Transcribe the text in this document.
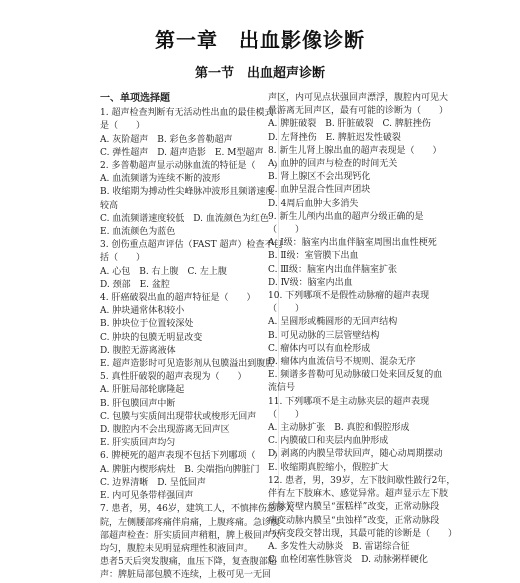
第一章　出血影像诊断
第一节　出血超声诊断
一、单项选择题

1. 超声检查判断有无活动性出血的最佳模式

是（　　）

A. 灰阶超声　B. 彩色多普勒超声

C. 弹性超声　D. 超声造影　E. M型超声

2. 多普勒超声显示动脉血流的特征是（　　）

A. 血流频谱为连续不断的波形

B. 收缩期为搏动性尖峰脉冲波形且频谱速度

较高

C. 血流频谱速度较低　D. 血流颜色为红色

E. 血流颜色为蓝色

3. 创伤重点超声评估（FAST 超声）检查不包

括（　　）

A. 心包　B. 右上腹　C. 左上腹

D. 颈部　E. 盆腔

4. 肝癌破裂出血的超声特征是（　　）

A. 肿块通常体积较小

B. 肿块位于位置较深处

C. 肿块的包膜无明显改变

D. 腹腔无游离液体

E. 超声造影时可见造影剂从包膜溢出到腹腔

5. 真性肝破裂的超声表现为（　　）

A. 肝脏局部轮廓隆起

B. 肝包膜回声中断

C. 包膜与实质间出现带状或梭形无回声

D. 腹腔内不会出现游离无回声区

E. 肝实质回声均匀

6. 脾梗死的超声表现不包括下列哪项（　　）

A. 脾脏内楔形病灶　B. 尖端指向脾脏门

C. 边界清晰　D. 呈低回声

E. 内可见条带样强回声

7. 患者，男，46岁，建筑工人，不慎摔伤急诊入

院，左侧腰部疼痛伴肩痛，上腹疼痛。急诊腹

部超声检查：肝实质回声稍粗，脾上极回声欠

均匀，腹腔未见明显病理性积液回声。

患者5天后突发腹痛，血压下降，复查腹部超

声：脾脏局部包膜不连续，上极可见一无回

声区，内可见点状强回声漂浮，腹腔内可见大

量游离无回声区，最有可能的诊断为（　　）

A. 脾脏破裂　B. 肝脏破裂　C. 脾脏挫伤

D. 左肾挫伤　E. 脾脏迟发性破裂

8. 新生儿肾上腺出血的超声表现是（　　）

A. 血肿的回声与检查的时间无关

B. 肾上腺区不会出现钙化

C. 血肿呈混合性回声团块

D. 4周后血肿大多消失

9. 新生儿颅内出血的超声分级正确的是

（　　）

A. Ⅰ级：脑室内出血伴脑室周围出血性梗死

B. Ⅱ级：室管膜下出血

C. Ⅲ级：脑室内出血伴脑室扩张

D. Ⅳ级：脑室内出血

10. 下列哪项不是假性动脉瘤的超声表现

（　　）

A. 呈圆形或椭圆形的无回声结构

B. 可见动脉的三层管壁结构

C. 瘤体内可以有血栓形成

D. 瘤体内血流信号不规则、混杂无序

E. 频谱多普勒可见动脉破口处来回反复的血

流信号

11. 下列哪项不是主动脉夹层的超声表现

（　　）

A. 主动脉扩张　B. 真腔和假腔形成

C. 内膜破口和夹层内血肿形成

D. 剥离的内膜呈带状回声，随心动周期摆动

E. 收缩期真腔缩小，假腔扩大

12. 患者，男，39岁，左下肢间歇性跛行2年，

伴有左下肢麻木、感觉异常。超声显示左下肢

动脉管壁内膜呈“蛋糕样”改变，正常动脉段

病变动脉内膜呈“虫蚀样”改变，正常动脉段

与病变段交替出现，其最可能的诊断是（　　）

A. 多发性大动脉炎　B. 雷诺综合征

C. 血栓闭塞性脉管炎　D. 动脉粥样硬化
